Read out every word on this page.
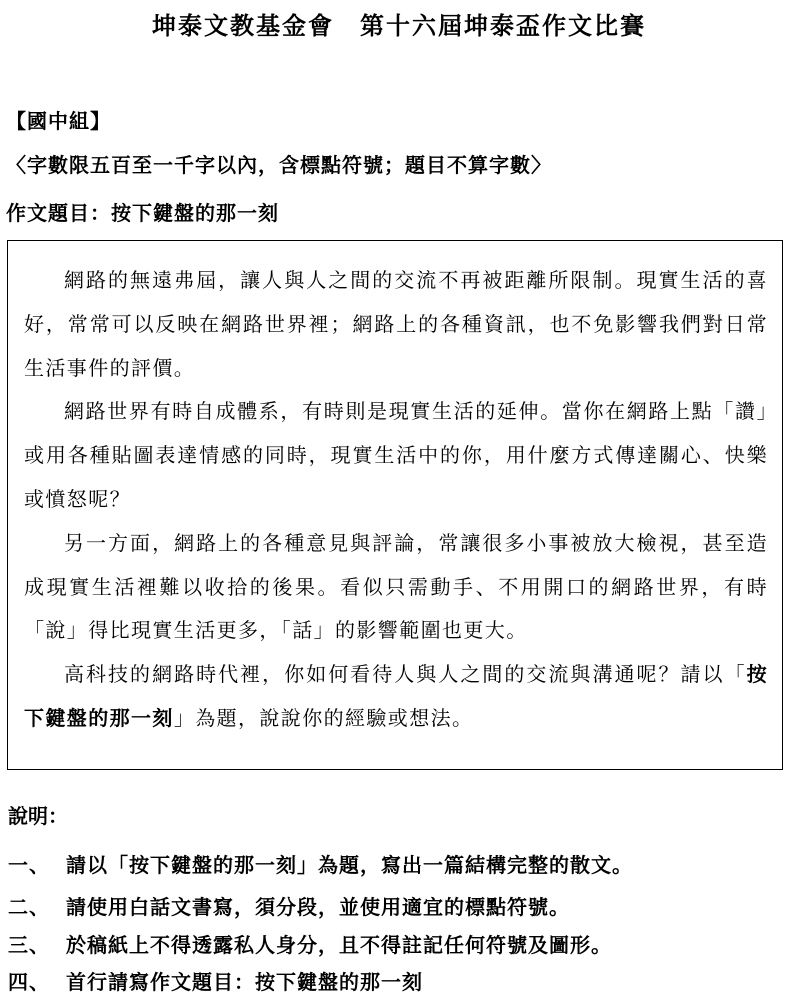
坤泰文教基金會 第十六屆坤泰盃作文比賽
【國中組】
〈字數限五百至一千字以內，含標點符號；題目不算字數〉
作文題目：按下鍵盤的那一刻

網路的無遠弗屆，讓人與人之間的交流不再被距離所限制。現實生活的喜好，常常可以反映在網路世界裡；網路上的各種資訊，也不免影響我們對日常生活事件的評價。

網路世界有時自成體系，有時則是現實生活的延伸。當你在網路上點「讚」或用各種貼圖表達情感的同時，現實生活中的你，用什麼方式傳達關心、快樂或憤怒呢？

另一方面，網路上的各種意見與評論，常讓很多小事被放大檢視，甚至造成現實生活裡難以收拾的後果。看似只需動手、不用開口的網路世界，有時「說」得比現實生活更多，「話」的影響範圍也更大。

高科技的網路時代裡，你如何看待人與人之間的交流與溝通呢？請以「按下鍵盤的那一刻」為題，說說你的經驗或想法。

說明：
一、 請以「按下鍵盤的那一刻」為題，寫出一篇結構完整的散文。
二、 請使用白話文書寫，須分段，並使用適宜的標點符號。
三、 於稿紙上不得透露私人身分，且不得註記任何符號及圖形。
四、 首行請寫作文題目：按下鍵盤的那一刻
